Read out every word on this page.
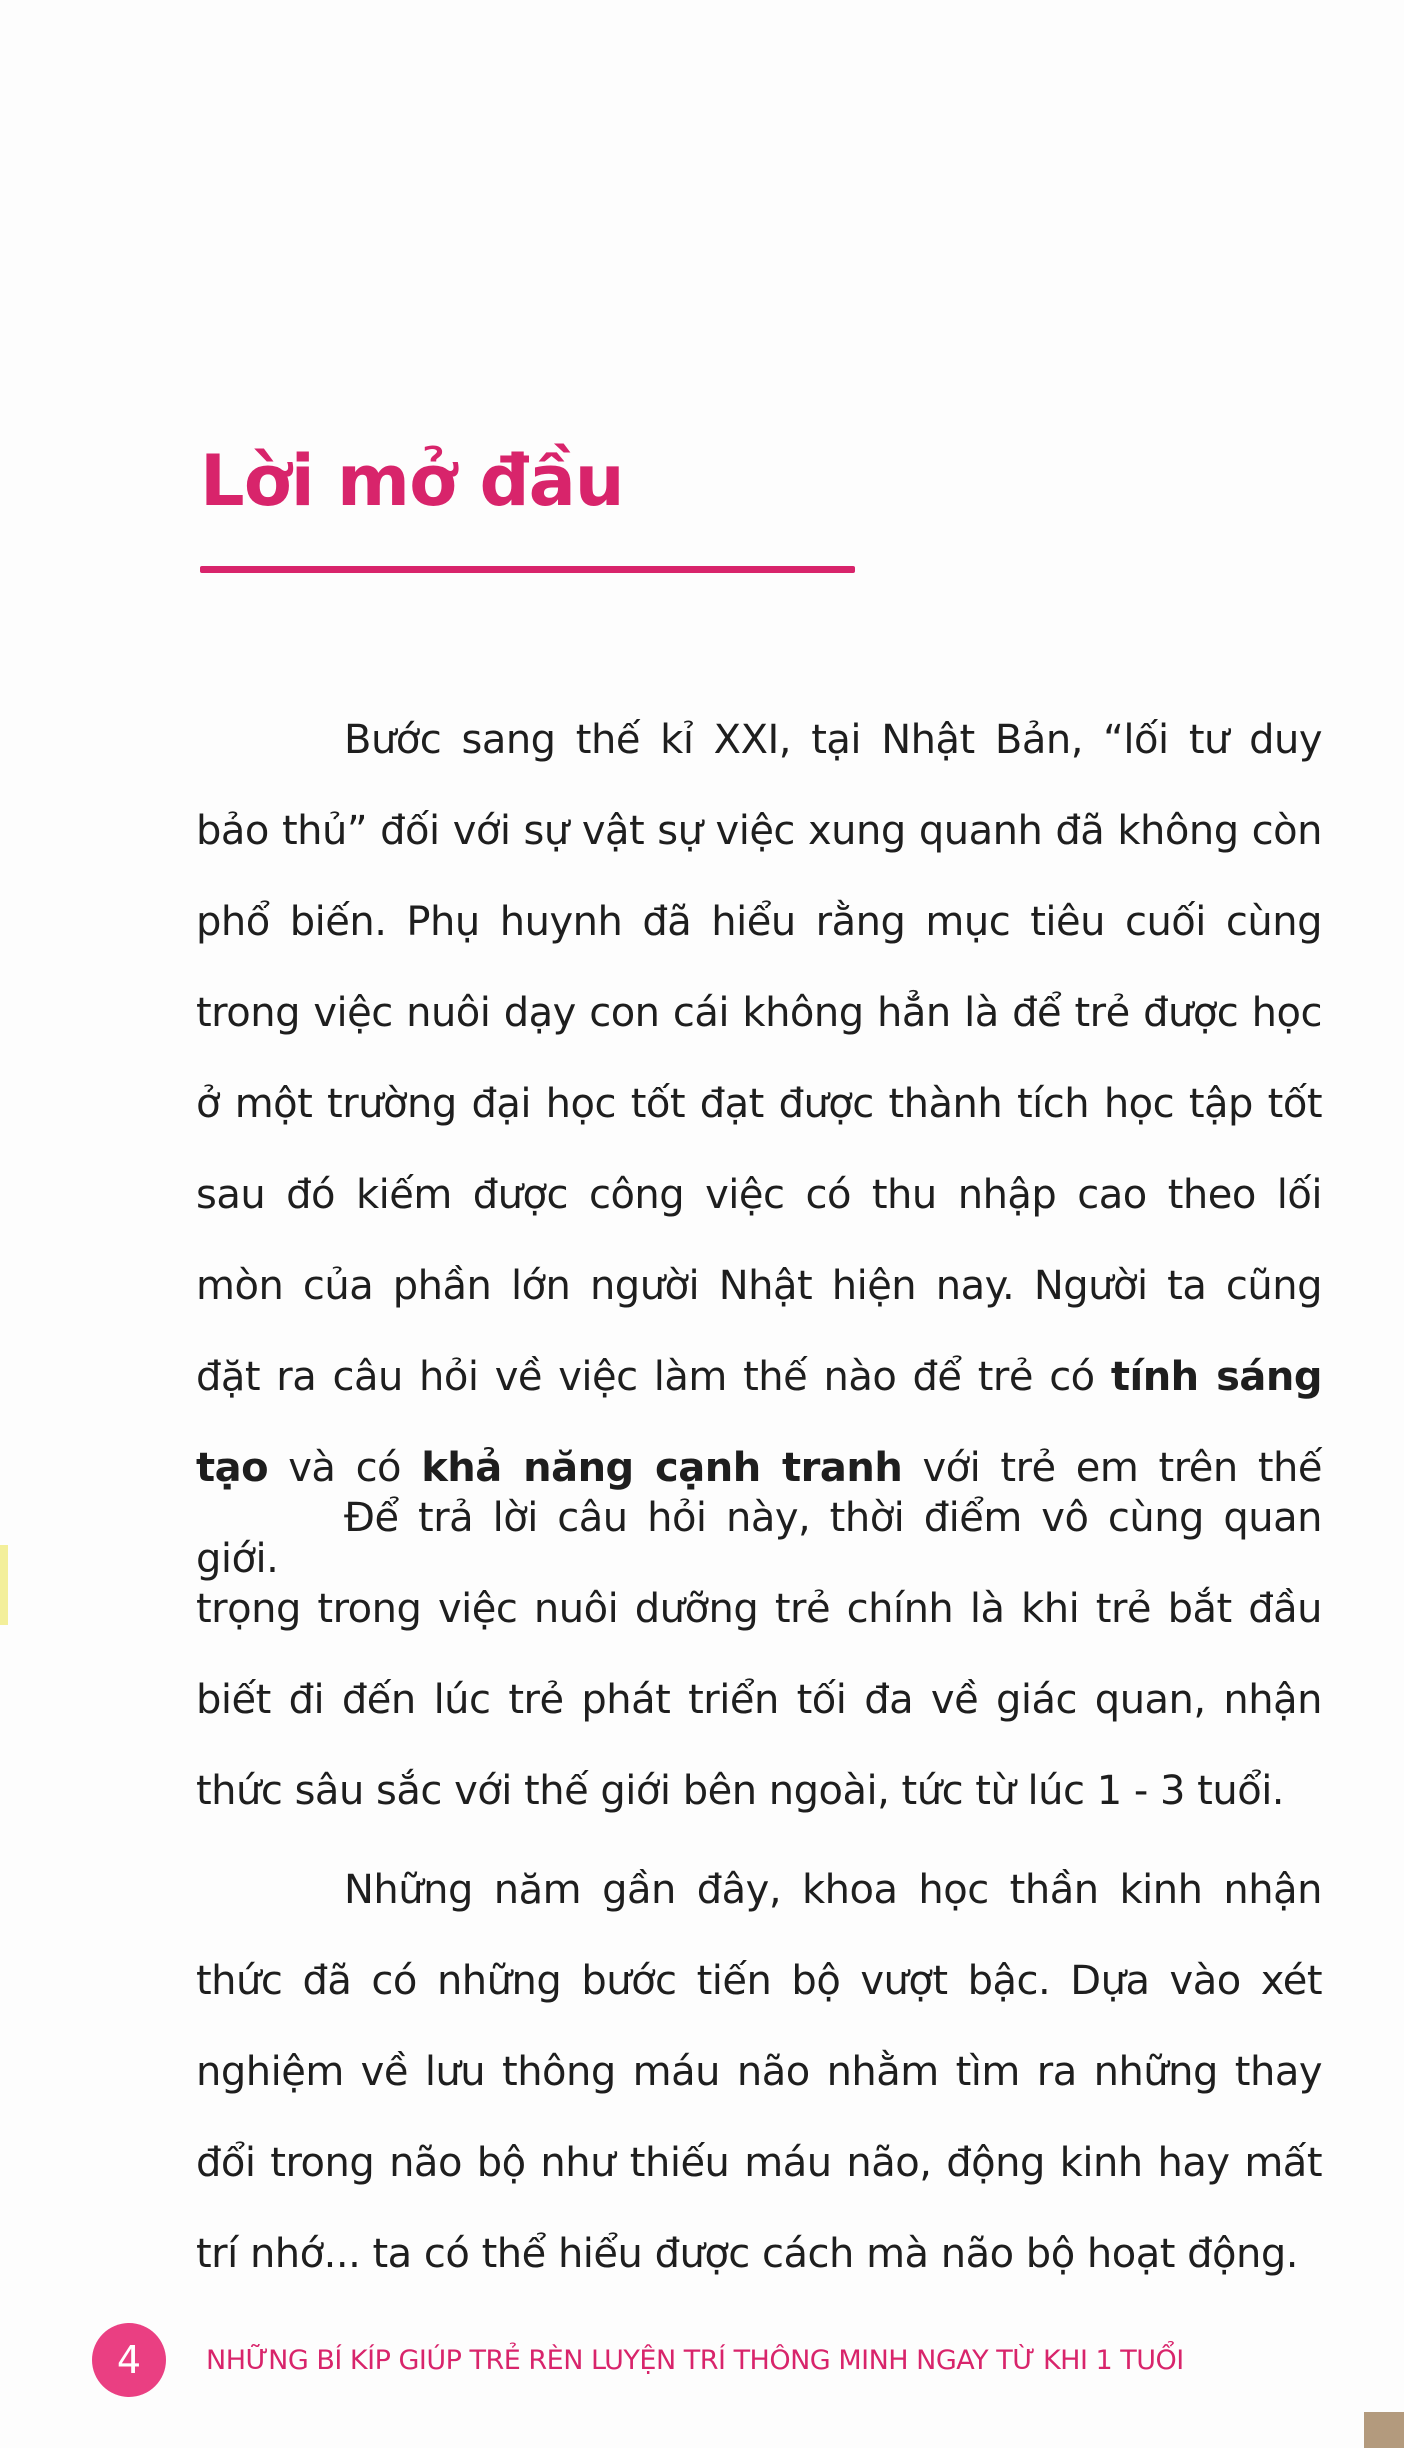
Lời mở đầu

Bước sang thế kỉ XXI, tại Nhật Bản, “lối tư duy bảo thủ” đối với sự vật sự việc xung quanh đã không còn phổ biến. Phụ huynh đã hiểu rằng mục tiêu cuối cùng trong việc nuôi dạy con cái không hẳn là để trẻ được học ở một trường đại học tốt đạt được thành tích học tập tốt sau đó kiếm được công việc có thu nhập cao theo lối mòn của phần lớn người Nhật hiện nay. Người ta cũng đặt ra câu hỏi về việc làm thế nào để trẻ có tính sáng tạo và có khả năng cạnh tranh với trẻ em trên thế giới.

Để trả lời câu hỏi này, thời điểm vô cùng quan trọng trong việc nuôi dưỡng trẻ chính là khi trẻ bắt đầu biết đi đến lúc trẻ phát triển tối đa về giác quan, nhận thức sâu sắc với thế giới bên ngoài, tức từ lúc 1 - 3 tuổi.

Những năm gần đây, khoa học thần kinh nhận thức đã có những bước tiến bộ vượt bậc. Dựa vào xét nghiệm về lưu thông máu não nhằm tìm ra những thay đổi trong não bộ như thiếu máu não, động kinh hay mất trí nhớ... ta có thể hiểu được cách mà não bộ hoạt động.

4	NHỮNG BÍ KÍP GIÚP TRẺ RÈN LUYỆN TRÍ THÔNG MINH NGAY TỪ KHI 1 TUỔI
